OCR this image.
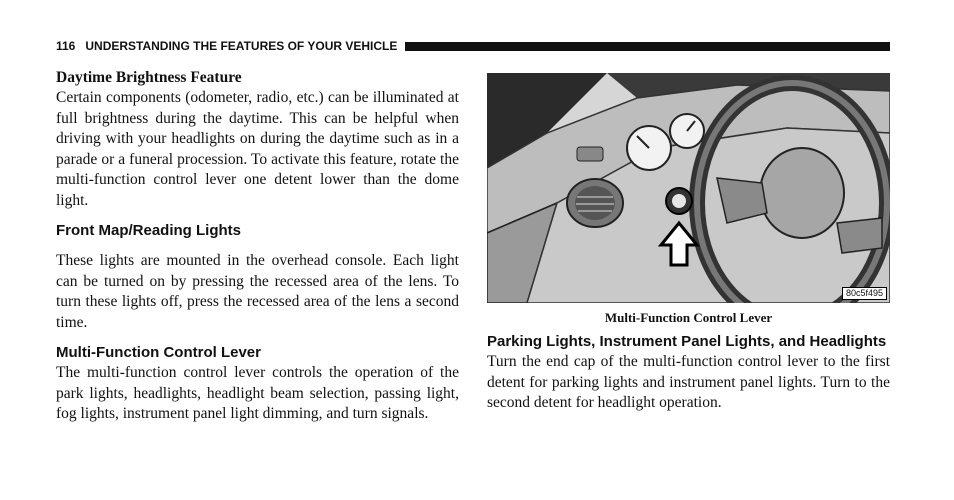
116 UNDERSTANDING THE FEATURES OF YOUR VEHICLE
Daytime Brightness Feature

Certain components (odometer, radio, etc.) can be illuminated at full brightness during the daytime. This can be helpful when driving with your headlights on during the daytime such as in a parade or a funeral procession. To activate this feature, rotate the multi-function control lever one detent lower than the dome light.

Front Map/Reading Lights

These lights are mounted in the overhead console. Each light can be turned on by pressing the recessed area of the lens. To turn these lights off, press the recessed area of the lens a second time.

Multi-Function Control Lever

The multi-function control lever controls the operation of the park lights, headlights, headlight beam selection, passing light, fog lights, instrument panel light dimming, and turn signals.

80c5f495
Multi-Function Control Lever
Parking Lights, Instrument Panel Lights, and Headlights

Turn the end cap of the multi-function control lever to the first detent for parking lights and instrument panel lights. Turn to the second detent for headlight operation.
